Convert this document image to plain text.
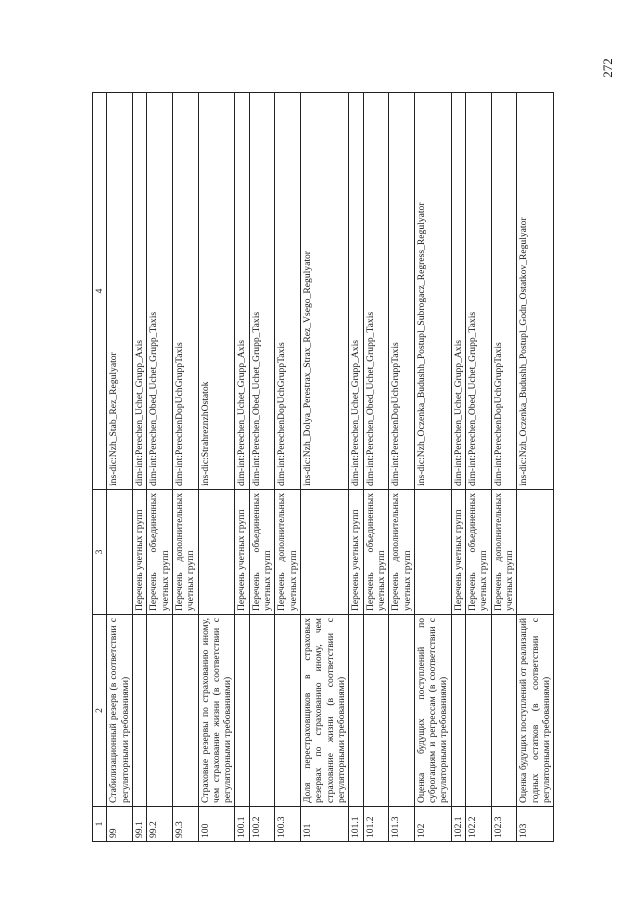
272
1	2	3	4
99	Стабилизационный резерв (в соответствии с регуляторными требованиями)		ins-dic:Nzh_Stab_Rez_Regulyator
99.1		Перечень учетных групп	dim-int:Perechen_Uchet_Grupp_Axis
99.2		Перечень объединенных учетных групп	dim-int:Perechen_Obed_Uchet_Grupp_Taxis
99.3		Перечень дополнительных учетных групп	dim-int:PerechenDopUchGruppTaxis
100	Страховые резервы по страхованию иному, чем страхование жизни (в соответствии с регуляторными требованиями)		ins-dic:StrahreznzhOstatok
100.1		Перечень учетных групп	dim-int:Perechen_Uchet_Grupp_Axis
100.2		Перечень объединенных учетных групп	dim-int:Perechen_Obed_Uchet_Grupp_Taxis
100.3		Перечень дополнительных учетных групп	dim-int:PerechenDopUchGruppTaxis
101	Доля перестраховщиков в страховых резервах по страхованию иному, чем страхование жизни (в соответствии с регуляторными требованиями)		ins-dic:Nzh_Dolya_Perestrax_Strax_Rez_Vsego_Regulyator
101.1		Перечень учетных групп	dim-int:Perechen_Uchet_Grupp_Axis
101.2		Перечень объединенных учетных групп	dim-int:Perechen_Obed_Uchet_Grupp_Taxis
101.3		Перечень дополнительных учетных групп	dim-int:PerechenDopUchGruppTaxis
102	Оценка будущих поступлений по суброгациям и регрессам (в соответствии с регуляторными требованиями)		ins-dic:Nzh_Oczenka_Budushh_Postupl_Subrogacz_Regress_Regulyator
102.1		Перечень учетных групп	dim-int:Perechen_Uchet_Grupp_Axis
102.2		Перечень объединенных учетных групп	dim-int:Perechen_Obed_Uchet_Grupp_Taxis
102.3		Перечень дополнительных учетных групп	dim-int:PerechenDopUchGruppTaxis
103	Оценка будущих поступлений от реализаций годных остатков (в соответствии с регуляторными требованиями)		ins-dic:Nzh_Oczenka_Budushh_Postupl_Godn_Ostatkov_Regulyator
